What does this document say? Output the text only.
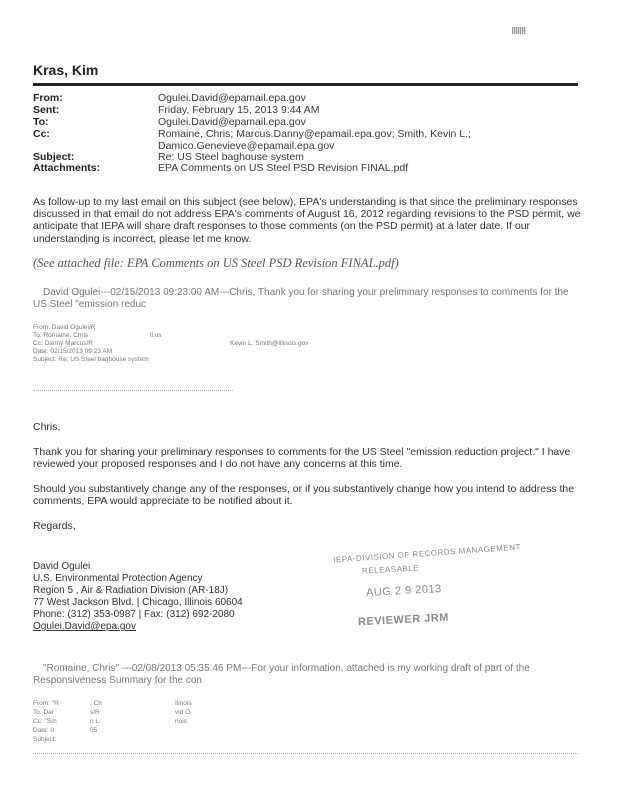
Kras, Kim
From:	Ogulei.David@epamail.epa.gov
Sent:	Friday, February 15, 2013 9:44 AM
To:	Ogulei.David@epamail.epa.gov
Cc:	Romaine, Chris; Marcus.Danny@epamail.epa.gov; Smith, Kevin L.;
Damico.Genevieve@epamail.epa.gov
Subject:	Re: US Steel baghouse system
Attachments:	EPA Comments on US Steel PSD Revision FINAL.pdf
As follow-up to my last email on this subject (see below), EPA's understanding is that since the preliminary responses
discussed in that email do not address EPA's comments of August 16, 2012 regarding revisions to the PSD permit, we
anticipate that IEPA will share draft responses to those comments (on the PSD permit) at a later date. If our
understanding is incorrect, please let me know.
(See attached file: EPA Comments on US Steel PSD Revision FINAL.pdf)
David Ogulei---02/15/2013 09:23:00 AM---Chris, Thank you for sharing your preliminary responses to comments for the
US Steel "emission reduc
From: David Ogulei/R
To: Romaine, Chris	ll.us
Cc: Danny Marcus/R	Kevin L. Smith@illinois.gov
Date: 02/15/2013 09:23 AM
Subject: Re: US Steel baghouse system
Chris,
Thank you for sharing your preliminary responses to comments for the US Steel "emission reduction project." I have
reviewed your proposed responses and I do not have any concerns at this time.
Should you substantively change any of the responses, or if you substantively change how you intend to address the
comments, EPA would appreciate to be notified about it.
Regards,
David Ogulei
U.S. Environmental Protection Agency
Region 5 , Air & Radiation Division (AR-18J)
77 West Jackson Blvd. | Chicago, Illinois 60604
Phone: (312) 353-0987 | Fax: (312) 692-2080
Ogulei.David@epa.gov
IEPA-DIVISION OF RECORDS MANAGEMENT
RELEASABLE
AUG 2 9 2013
REVIEWER JRM
"Romaine, Chris" ---02/08/2013 05:35:46 PM---For your information, attached is my working draft of part of the
Responsiveness Summary for the con
From: "R	, Ch	Ilinois
To: Dar	s/R	vid O
Cc: "Sm	n L.	nois
Date: 0	05
Subject:
